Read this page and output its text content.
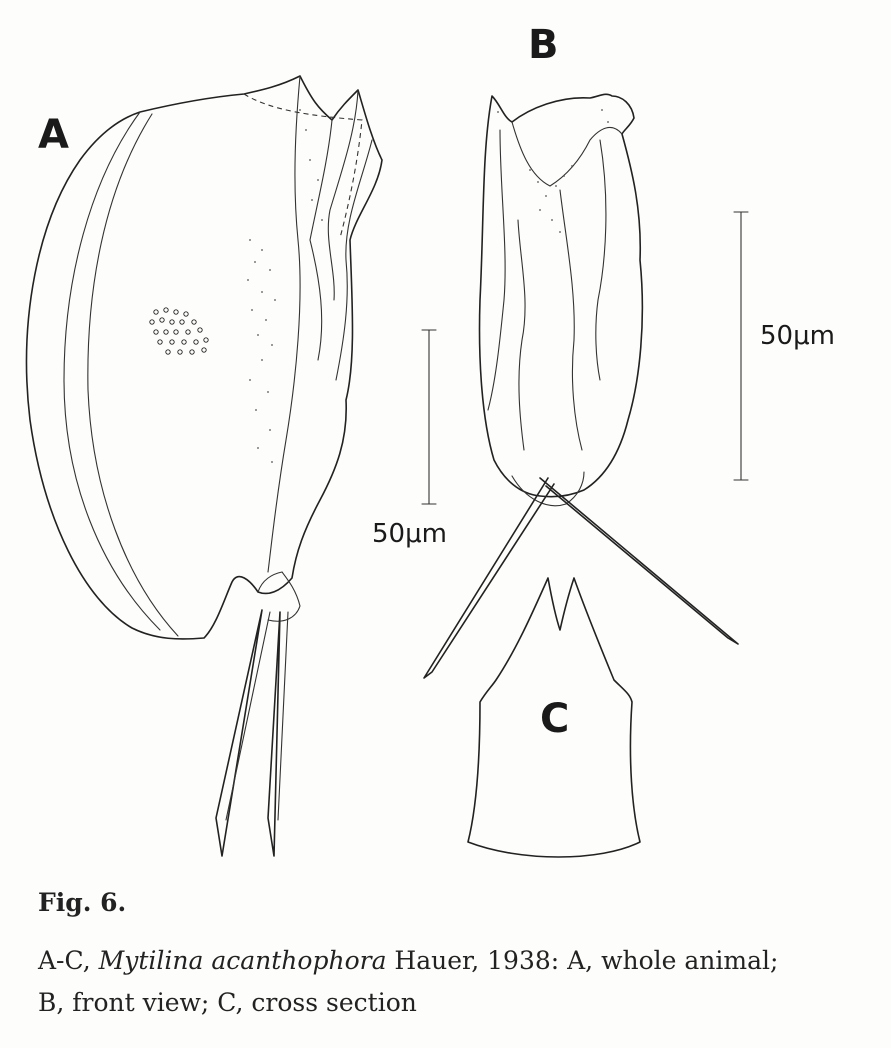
A
B
C
50μm
50μm
Fig. 6.
A-C, Mytilina acanthophora Hauer, 1938: A, whole animal;
B, front view; C, cross section
